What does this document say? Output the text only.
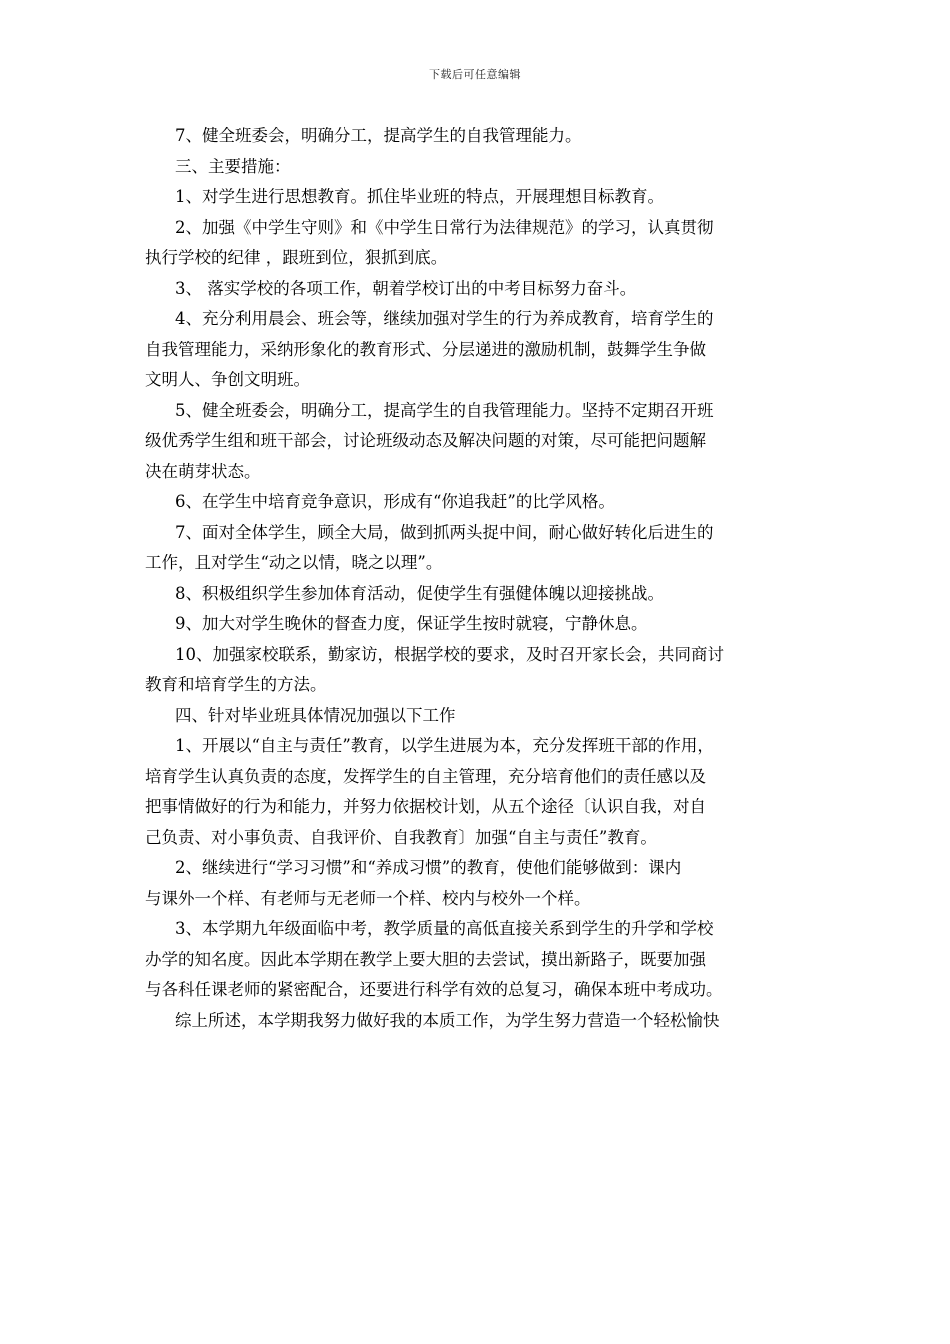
下载后可任意编辑
7、健全班委会，明确分工，提高学生的自我管理能力。
三、主要措施：
1、对学生进行思想教育。抓住毕业班的特点，开展理想目标教育。
2、加强《中学生守则》和《中学生日常行为法律规范》的学习，认真贯彻
执行学校的纪律 ，跟班到位，狠抓到底。
3、 落实学校的各项工作，朝着学校订出的中考目标努力奋斗。
4、充分利用晨会、班会等，继续加强对学生的行为养成教育，培育学生的
自我管理能力，采纳形象化的教育形式、分层递进的激励机制，鼓舞学生争做
文明人、争创文明班。
5、健全班委会，明确分工，提高学生的自我管理能力。坚持不定期召开班
级优秀学生组和班干部会，讨论班级动态及解决问题的对策，尽可能把问题解
决在萌芽状态。
6、在学生中培育竞争意识，形成有“你追我赶”的比学风格。
7、面对全体学生，顾全大局，做到抓两头捉中间，耐心做好转化后进生的
工作，且对学生“动之以情，晓之以理”。
8、积极组织学生参加体育活动，促使学生有强健体魄以迎接挑战。
9、加大对学生晚休的督查力度，保证学生按时就寝，宁静休息。
10、加强家校联系，勤家访，根据学校的要求，及时召开家长会，共同商讨
教育和培育学生的方法。
四、针对毕业班具体情况加强以下工作
1、开展以“自主与责任”教育，以学生进展为本，充分发挥班干部的作用，
培育学生认真负责的态度，发挥学生的自主管理，充分培育他们的责任感以及
把事情做好的行为和能力，并努力依据校计划，从五个途径〔认识自我，对自
己负责、对小事负责、自我评价、自我教育〕加强“自主与责任”教育。
2、继续进行“学习习惯”和“养成习惯”的教育，使他们能够做到：课内
与课外一个样、有老师与无老师一个样、校内与校外一个样。
3、本学期九年级面临中考，教学质量的高低直接关系到学生的升学和学校
办学的知名度。因此本学期在教学上要大胆的去尝试，摸出新路子，既要加强
与各科任课老师的紧密配合，还要进行科学有效的总复习，确保本班中考成功。
综上所述，本学期我努力做好我的本质工作，为学生努力营造一个轻松愉快
